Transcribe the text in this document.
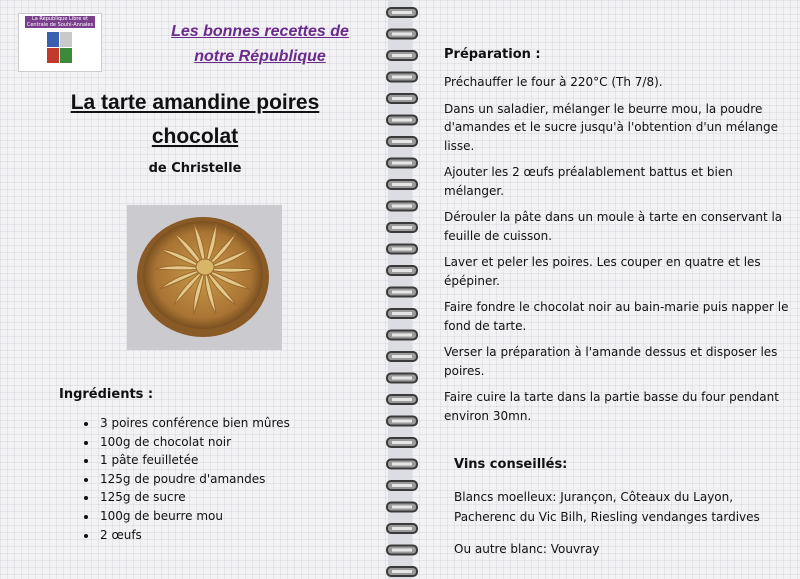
La République Libre et Centrale de Souhi-Annales	Les bonnes recettes de
notre République
La tarte amandine poires
chocolat
de Christelle
Ingrédients :
• 3 poires conférence bien mûres
• 100g de chocolat noir
• 1 pâte feuilletée
• 125g de poudre d'amandes
• 125g de sucre
• 100g de beurre mou
• 2 œufs
Préparation :

Préchauffer le four à 220°C (Th 7/8).

Dans un saladier, mélanger le beurre mou, la poudre d'amandes et le sucre jusqu'à l'obtention d'un mélange lisse.

Ajouter les 2 œufs préalablement battus et bien mélanger.

Dérouler la pâte dans un moule à tarte en conservant la feuille de cuisson.

Laver et peler les poires. Les couper en quatre et les épépiner.

Faire fondre le chocolat noir au bain-marie puis napper le fond de tarte.

Verser la préparation à l'amande dessus et disposer les poires.

Faire cuire la tarte dans la partie basse du four pendant environ 30mn.

Vins conseillés:
Blancs moelleux: Jurançon, Côteaux du Layon, Pacherenc du Vic Bilh, Riesling vendanges tardives
Ou autre blanc: Vouvray
